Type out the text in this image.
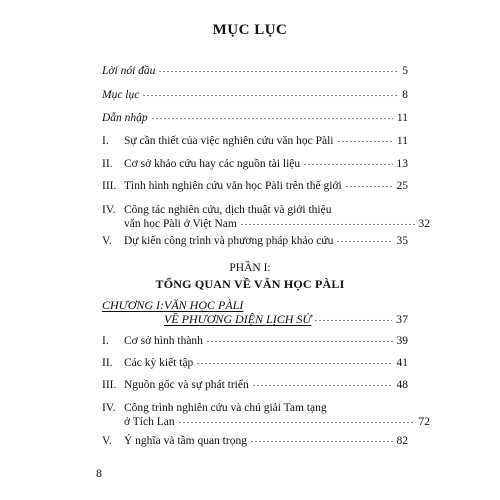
MỤC LỤC
Lời nói đầu	5
Mục lục	8
Dẫn nhập	11
I.	Sự cần thiết của việc nghiên cứu văn học Pàli	11
II. Cơ sở khảo cứu hay các nguồn tài liệu	13
III. Tình hình nghiên cứu văn học Pàli trên thế giới	25
IV. Công tác nghiên cứu, dịch thuật và giới thiệu
văn học Pàli ở Việt Nam	32
V.	Dự kiến công trình và phương pháp khảo cứu	35
PHẦN I:
TỔNG QUAN VỀ VĂN HỌC PÀLI
CHƯƠNG I: VĂN HỌC PÀLI
VỀ PHƯƠNG DIỆN LỊCH SỬ	37
I.	Cơ sở hình thành	39
II. Các kỳ kiết tập	41
III. Nguồn gốc và sự phát triển	48
IV. Công trình nghiên cứu và chú giải Tam tạng
ở Tích Lan	72
V.	Ý nghĩa và tầm quan trọng	82
8
